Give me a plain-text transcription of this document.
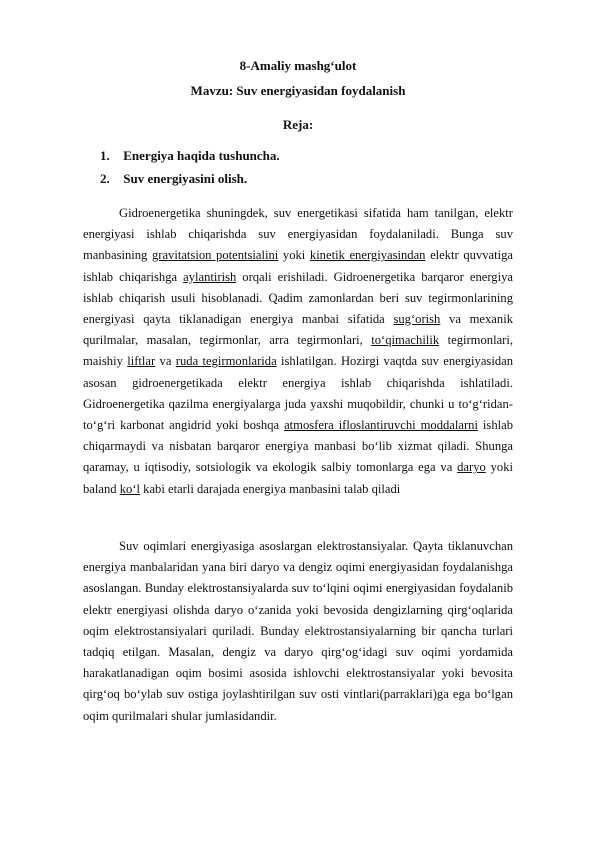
8-Amaliy mashg‘ulot
Mavzu: Suv energiyasidan foydalanish
Reja:
1. Energiya haqida tushuncha.
2. Suv energiyasini olish.

Gidroenergetika shuningdek, suv energetikasi sifatida ham tanilgan, elektr energiyasi ishlab chiqarishda suv energiyasidan foydalaniladi. Bunga suv manbasining gravitatsion potentsialini yoki kinetik energiyasindan elektr quvvatiga ishlab chiqarishga aylantirish orqali erishiladi. Gidroenergetika barqaror energiya ishlab chiqarish usuli hisoblanadi. Qadim zamonlardan beri suv tegirmonlarining energiyasi qayta tiklanadigan energiya manbai sifatida sug‘orish va mexanik qurilmalar, masalan, tegirmonlar, arra tegirmonlari, to‘qimachilik tegirmonlari, maishiy liftlar va ruda tegirmonlarida ishlatilgan. Hozirgi vaqtda suv energiyasidan asosan gidroenergetikada elektr energiya ishlab chiqarishda ishlatiladi. Gidroenergetika qazilma energiyalarga juda yaxshi muqobildir, chunki u to‘g‘ridan-to‘g‘ri karbonat angidrid yoki boshqa atmosfera ifloslantiruvchi moddalarni ishlab chiqarmaydi va nisbatan barqaror energiya manbasi bo‘lib xizmat qiladi. Shunga qaramay, u iqtisodiy, sotsiologik va ekologik salbiy tomonlarga ega va daryo yoki baland ko‘l kabi etarli darajada energiya manbasini talab qiladi

Suv oqimlari energiyasiga asoslargan elektrostansiyalar. Qayta tiklanuvchan energiya manbalaridan yana biri daryo va dengiz oqimi energiyasidan foydalanishga asoslangan. Bunday elektrostansiyalarda suv to‘lqini oqimi energiyasidan foydalanib elektr energiyasi olishda daryo o‘zanida yoki bevosida dengizlarning qirg‘oqlarida oqim elektrostansiyalari quriladi. Bunday elektrostansiyalarning bir qancha turlari tadqiq etilgan. Masalan, dengiz va daryo qirg‘og‘idagi suv oqimi yordamida harakatlanadigan oqim bosimi asosida ishlovchi elektrostansiyalar yoki bevosita qirg‘oq bo‘ylab suv ostiga joylashtirilgan suv osti vintlari(parraklari)ga ega bo‘lgan oqim qurilmalari shular jumlasidandir.
